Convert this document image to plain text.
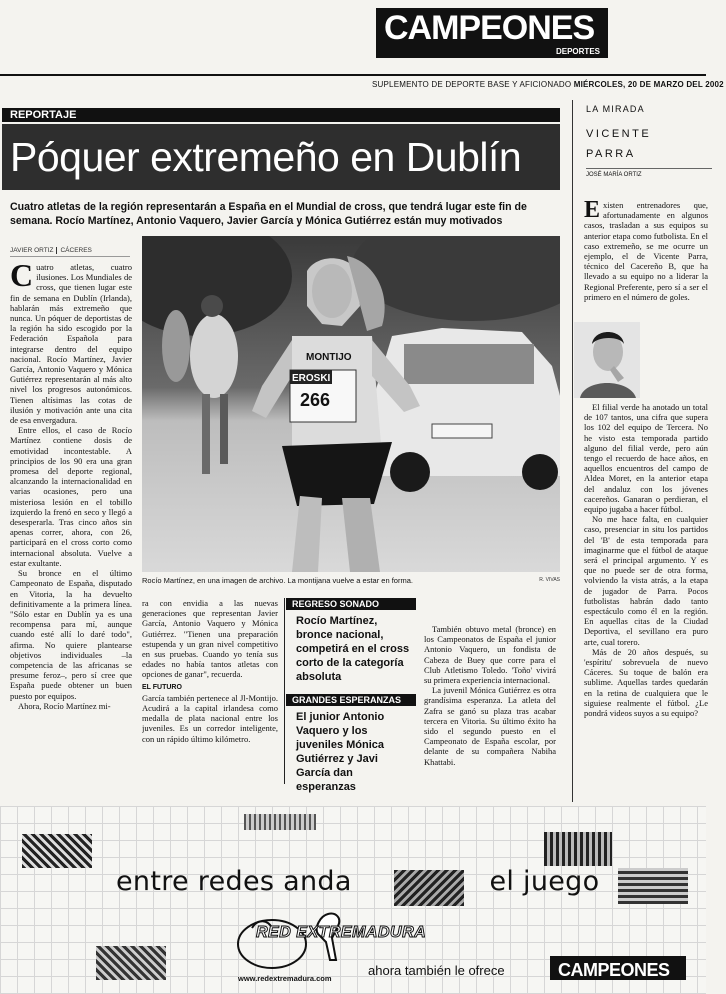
CAMPEONES
DEPORTES
SUPLEMENTO DE DEPORTE BASE Y AFICIONADO MIÉRCOLES, 20 DE MARZO DEL 2002
REPORTAJE
Póquer extremeño en Dublín
Cuatro atletas de la región representarán a España en el Mundial de cross, que tendrá lugar este fin de semana. Rocío Martínez, Antonio Vaquero, Javier García y Mónica Gutiérrez están muy motivados
JAVIER ORTIZ CÁCERES

Cuatro atletas, cuatro ilusiones. Los Mundiales de cross, que tienen lugar este fin de semana en Dublín (Irlanda), hablarán más extremeño que nunca. Un póquer de deportistas de la región ha sido escogido por la Federación Española para integrarse dentro del equipo nacional. Rocío Martínez, Javier García, Antonio Vaquero y Mónica Gutiérrez representarán al más alto nivel los progresos autonómicos. Tienen altísimas las cotas de ilusión y motivación ante una cita de esa envergadura.

Entre ellos, el caso de Rocío Martínez contiene dosis de emotividad incontestable. A principios de los 90 era una gran promesa del deporte regional, alcanzando la internacionalidad en varias ocasiones, pero una misteriosa lesión en el tobillo izquierdo la frenó en seco y llegó a desesperarla. Tras cinco años sin apenas correr, ahora, con 26, participará en el cross corto como internacional absoluta. Vuelve a estar exultante.

Su bronce en el último Campeonato de España, disputado en Vitoria, la ha devuelto definitivamente a la primera línea. "Sólo estar en Dublín ya es una recompensa para mí, aunque cuando esté allí lo daré todo", afirma. No quiere plantearse objetivos individuales –la competencia de las africanas se presume feroz–, pero sí cree que España puede obtener un buen puesto por equipos.

Ahora, Rocío Martínez mi-

EROSKI
MONTIJO
266
Rocío Martínez, en una imagen de archivo. La montijana vuelve a estar en forma.	R. VIVAS

ra con envidia a las nuevas generaciones que representan Javier García, Antonio Vaquero y Mónica Gutiérrez. "Tienen una preparación estupenda y un gran nivel competitivo en sus pruebas. Cuando yo tenía sus edades no había tantos atletas con opciones de ganar", recuerda.

EL FUTURO

García también pertenece al Jl-Montijo. Acudirá a la capital irlandesa como medalla de plata nacional entre los juveniles. Es un corredor inteligente, con un rápido último kilómetro.

REGRESO SONADO
Rocío Martínez, bronce nacional, competirá en el cross corto de la categoría absoluta
GRANDES ESPERANZAS
El junior Antonio Vaquero y los juveniles Mónica Gutiérrez y Javi García dan esperanzas

También obtuvo metal (bronce) en los Campeonatos de España el junior Antonio Vaquero, un fondista de Cabeza de Buey que corre para el Club Atletismo Toledo. 'Toño' vivirá su primera experiencia internacional.

La juvenil Mónica Gutiérrez es otra grandísima esperanza. La atleta del Zafra se ganó su plaza tras acabar tercera en Vitoria. Su último éxito ha sido el segundo puesto en el Campeonato de España escolar, por delante de su compañera Nabiha Khattabi.

LA MIRADA
VICENTE
PARRA
JOSÉ MARÍA ORTIZ
Existen entrenadores que, afortunadamente en algunos casos, trasladan a sus equipos su anterior etapa como futbolista. En el caso extremeño, se me ocurre un ejemplo, el de Vicente Parra, técnico del Cacereño B, que ha llevado a su equipo no a liderar la Regional Preferente, pero sí a ser el primero en el número de goles.

El filial verde ha anotado un total de 107 tantos, una cifra que supera los 102 del equipo de Tercera. No he visto esta temporada partido alguno del filial verde, pero aún tengo el recuerdo de hace años, en aquellos encuentros del campo de Aldea Moret, en la anterior etapa del andaluz con los jóvenes cacereños. Ganaran o perdieran, el equipo jugaba a hacer fútbol.

No me hace falta, en cualquier caso, presenciar in situ los partidos del 'B' de esta temporada para imaginarme que el fútbol de ataque será el principal argumento. Y es que no puede ser de otra forma, volviendo la vista atrás, a la etapa de jugador de Parra. Pocos futbolistas habrán dado tanto espectáculo como él en la región. En aquellas citas de la Ciudad Deportiva, el sevillano era puro arte, cual torero.

Más de 20 años después, su 'espíritu' sobrevuela de nuevo Cáceres. Su toque de balón era sublime. Aquellas tardes quedarán en la retina de cualquiera que le siguiese realmente el fútbol. ¿Le pondrá videos suyos a su equipo?

entre redes anda	el juego
RED EXTREMADURA
www.redextremadura.com
ahora también le ofrece	CAMPEONES
